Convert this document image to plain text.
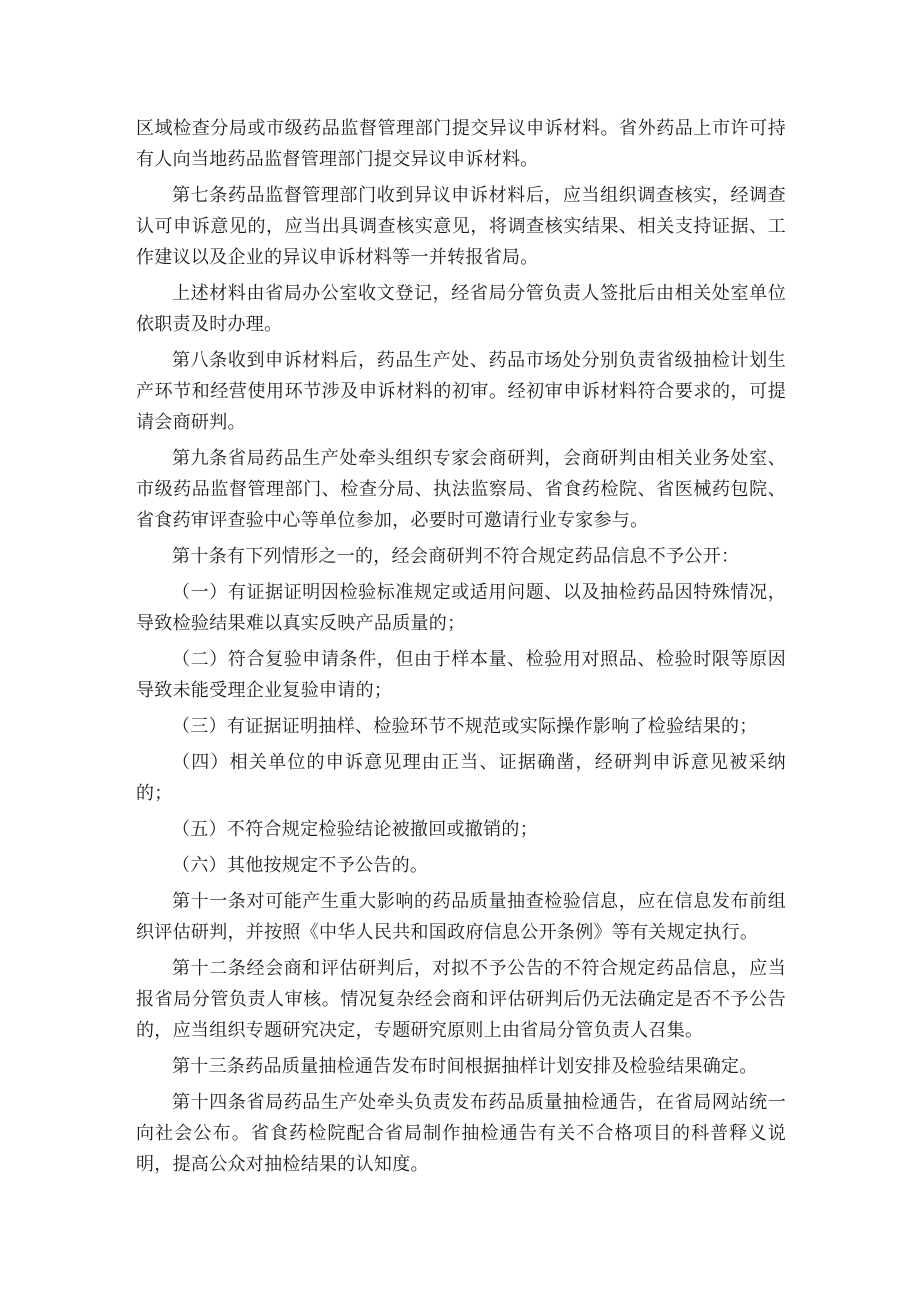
区域检查分局或市级药品监督管理部门提交异议申诉材料。省外药品上市许可持有人向当地药品监督管理部门提交异议申诉材料。

第七条药品监督管理部门收到异议申诉材料后，应当组织调查核实，经调查认可申诉意见的，应当出具调查核实意见，将调查核实结果、相关支持证据、工作建议以及企业的异议申诉材料等一并转报省局。

上述材料由省局办公室收文登记，经省局分管负责人签批后由相关处室单位依职责及时办理。

第八条收到申诉材料后，药品生产处、药品市场处分别负责省级抽检计划生产环节和经营使用环节涉及申诉材料的初审。经初审申诉材料符合要求的，可提请会商研判。

第九条省局药品生产处牵头组织专家会商研判，会商研判由相关业务处室、市级药品监督管理部门、检查分局、执法监察局、省食药检院、省医械药包院、省食药审评查验中心等单位参加，必要时可邀请行业专家参与。

第十条有下列情形之一的，经会商研判不符合规定药品信息不予公开：

（一）有证据证明因检验标准规定或适用问题、以及抽检药品因特殊情况，导致检验结果难以真实反映产品质量的；

（二）符合复验申请条件，但由于样本量、检验用对照品、检验时限等原因导致未能受理企业复验申请的；

（三）有证据证明抽样、检验环节不规范或实际操作影响了检验结果的；

（四）相关单位的申诉意见理由正当、证据确凿，经研判申诉意见被采纳的；

（五）不符合规定检验结论被撤回或撤销的；

（六）其他按规定不予公告的。

第十一条对可能产生重大影响的药品质量抽查检验信息，应在信息发布前组织评估研判，并按照《中华人民共和国政府信息公开条例》等有关规定执行。

第十二条经会商和评估研判后，对拟不予公告的不符合规定药品信息，应当报省局分管负责人审核。情况复杂经会商和评估研判后仍无法确定是否不予公告的，应当组织专题研究决定，专题研究原则上由省局分管负责人召集。

第十三条药品质量抽检通告发布时间根据抽样计划安排及检验结果确定。

第十四条省局药品生产处牵头负责发布药品质量抽检通告，在省局网站统一向社会公布。省食药检院配合省局制作抽检通告有关不合格项目的科普释义说明，提高公众对抽检结果的认知度。
